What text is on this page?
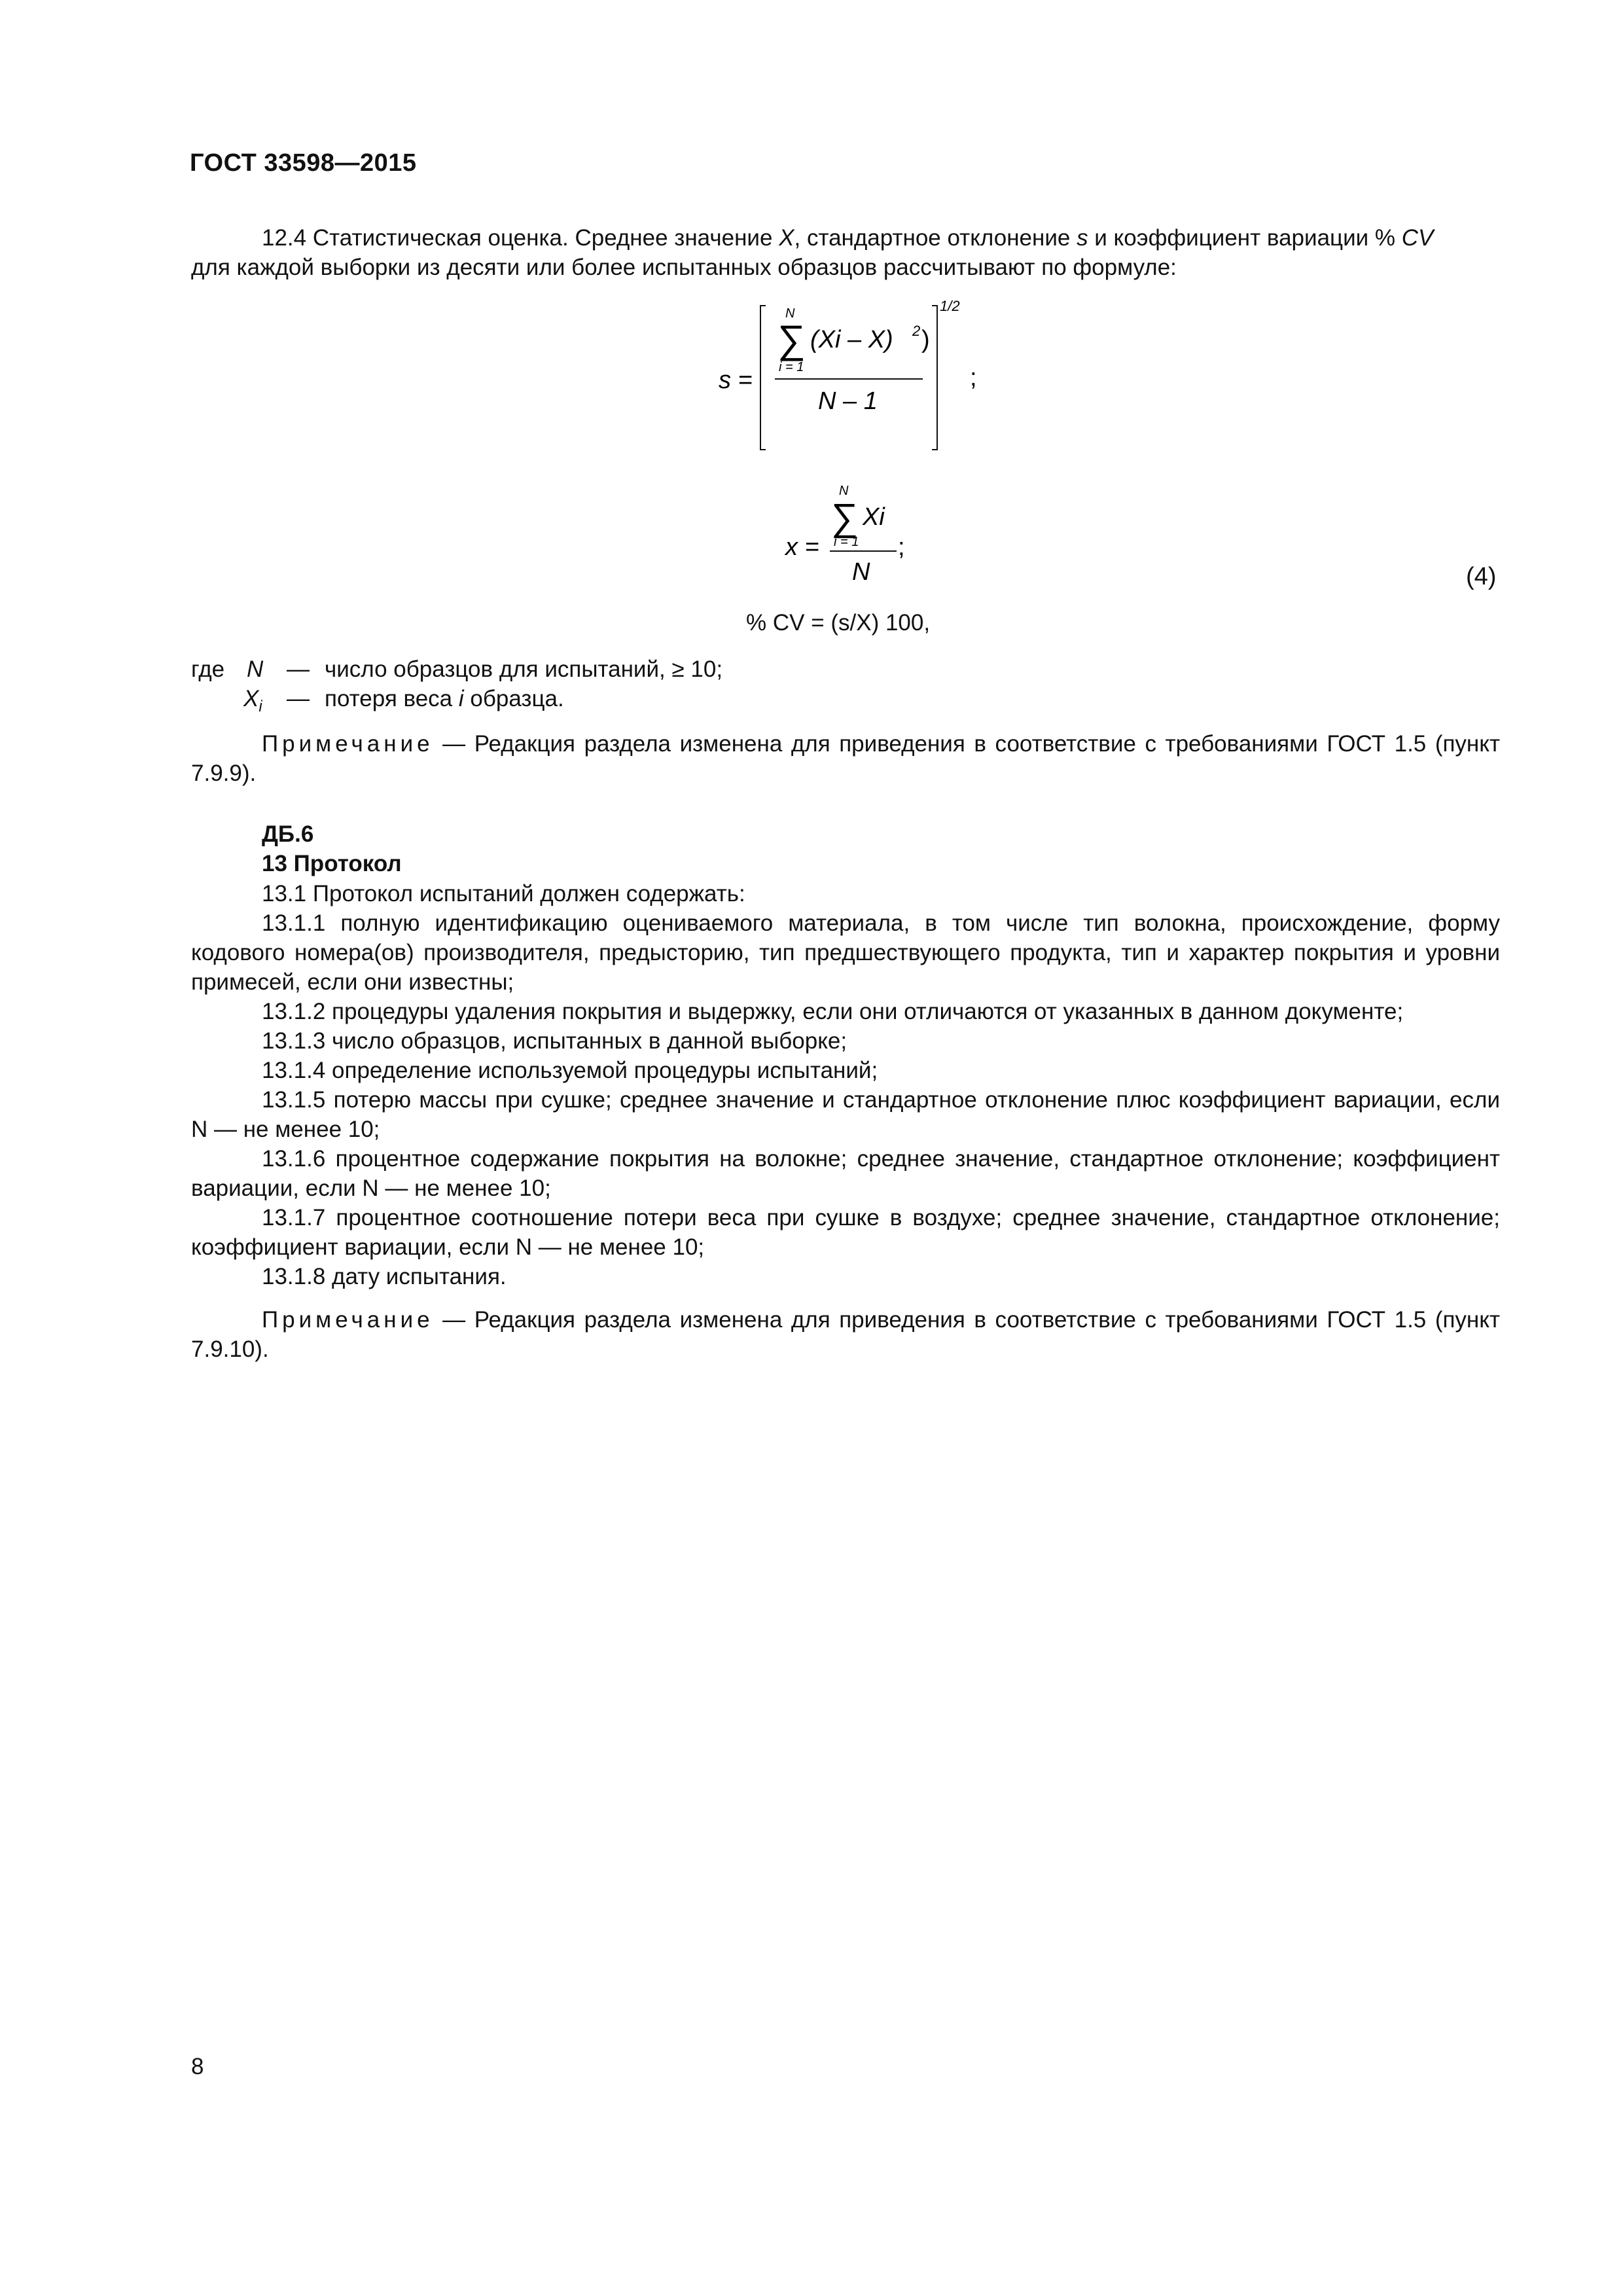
ГОСТ 33598—2015

12.4 Статистическая оценка. Среднее значение X, стандартное отклонение s и коэффициент вариации % CV

для каждой выборки из десяти или более испытанных образцов рассчитывают по формуле:

s =
∑
N
i = 1
(Xi – X) 2 )
N – 1
1/2
;
x =
∑
N
i = 1
Xi
;
N	(4)
% CV = (s/X) 100,
где N — число образцов для испытаний, ≥ 10;
$X_i$ — потеря веса i образца.

Примечание — Редакция раздела изменена для приведения в соответствие с требованиями ГОСТ 1.5 (пункт 7.9.9).

ДБ.6
13 Протокол

13.1 Протокол испытаний должен содержать:

13.1.1 полную идентификацию оцениваемого материала, в том числе тип волокна, происхождение, форму кодового номера(ов) производителя, предысторию, тип предшествующего продукта, тип и характер покрытия и уровни примесей, если они известны;

13.1.2 процедуры удаления покрытия и выдержку, если они отличаются от указанных в данном документе;

13.1.3 число образцов, испытанных в данной выборке;

13.1.4 определение используемой процедуры испытаний;

13.1.5 потерю массы при сушке; среднее значение и стандартное отклонение плюс коэффициент вариации, если N — не менее 10;

13.1.6 процентное содержание покрытия на волокне; среднее значение, стандартное отклонение; коэффициент вариации, если N — не менее 10;

13.1.7 процентное соотношение потери веса при сушке в воздухе; среднее значение, стандартное отклонение; коэффициент вариации, если N — не менее 10;

13.1.8 дату испытания.

Примечание — Редакция раздела изменена для приведения в соответствие с требованиями ГОСТ 1.5 (пункт 7.9.10).

8
